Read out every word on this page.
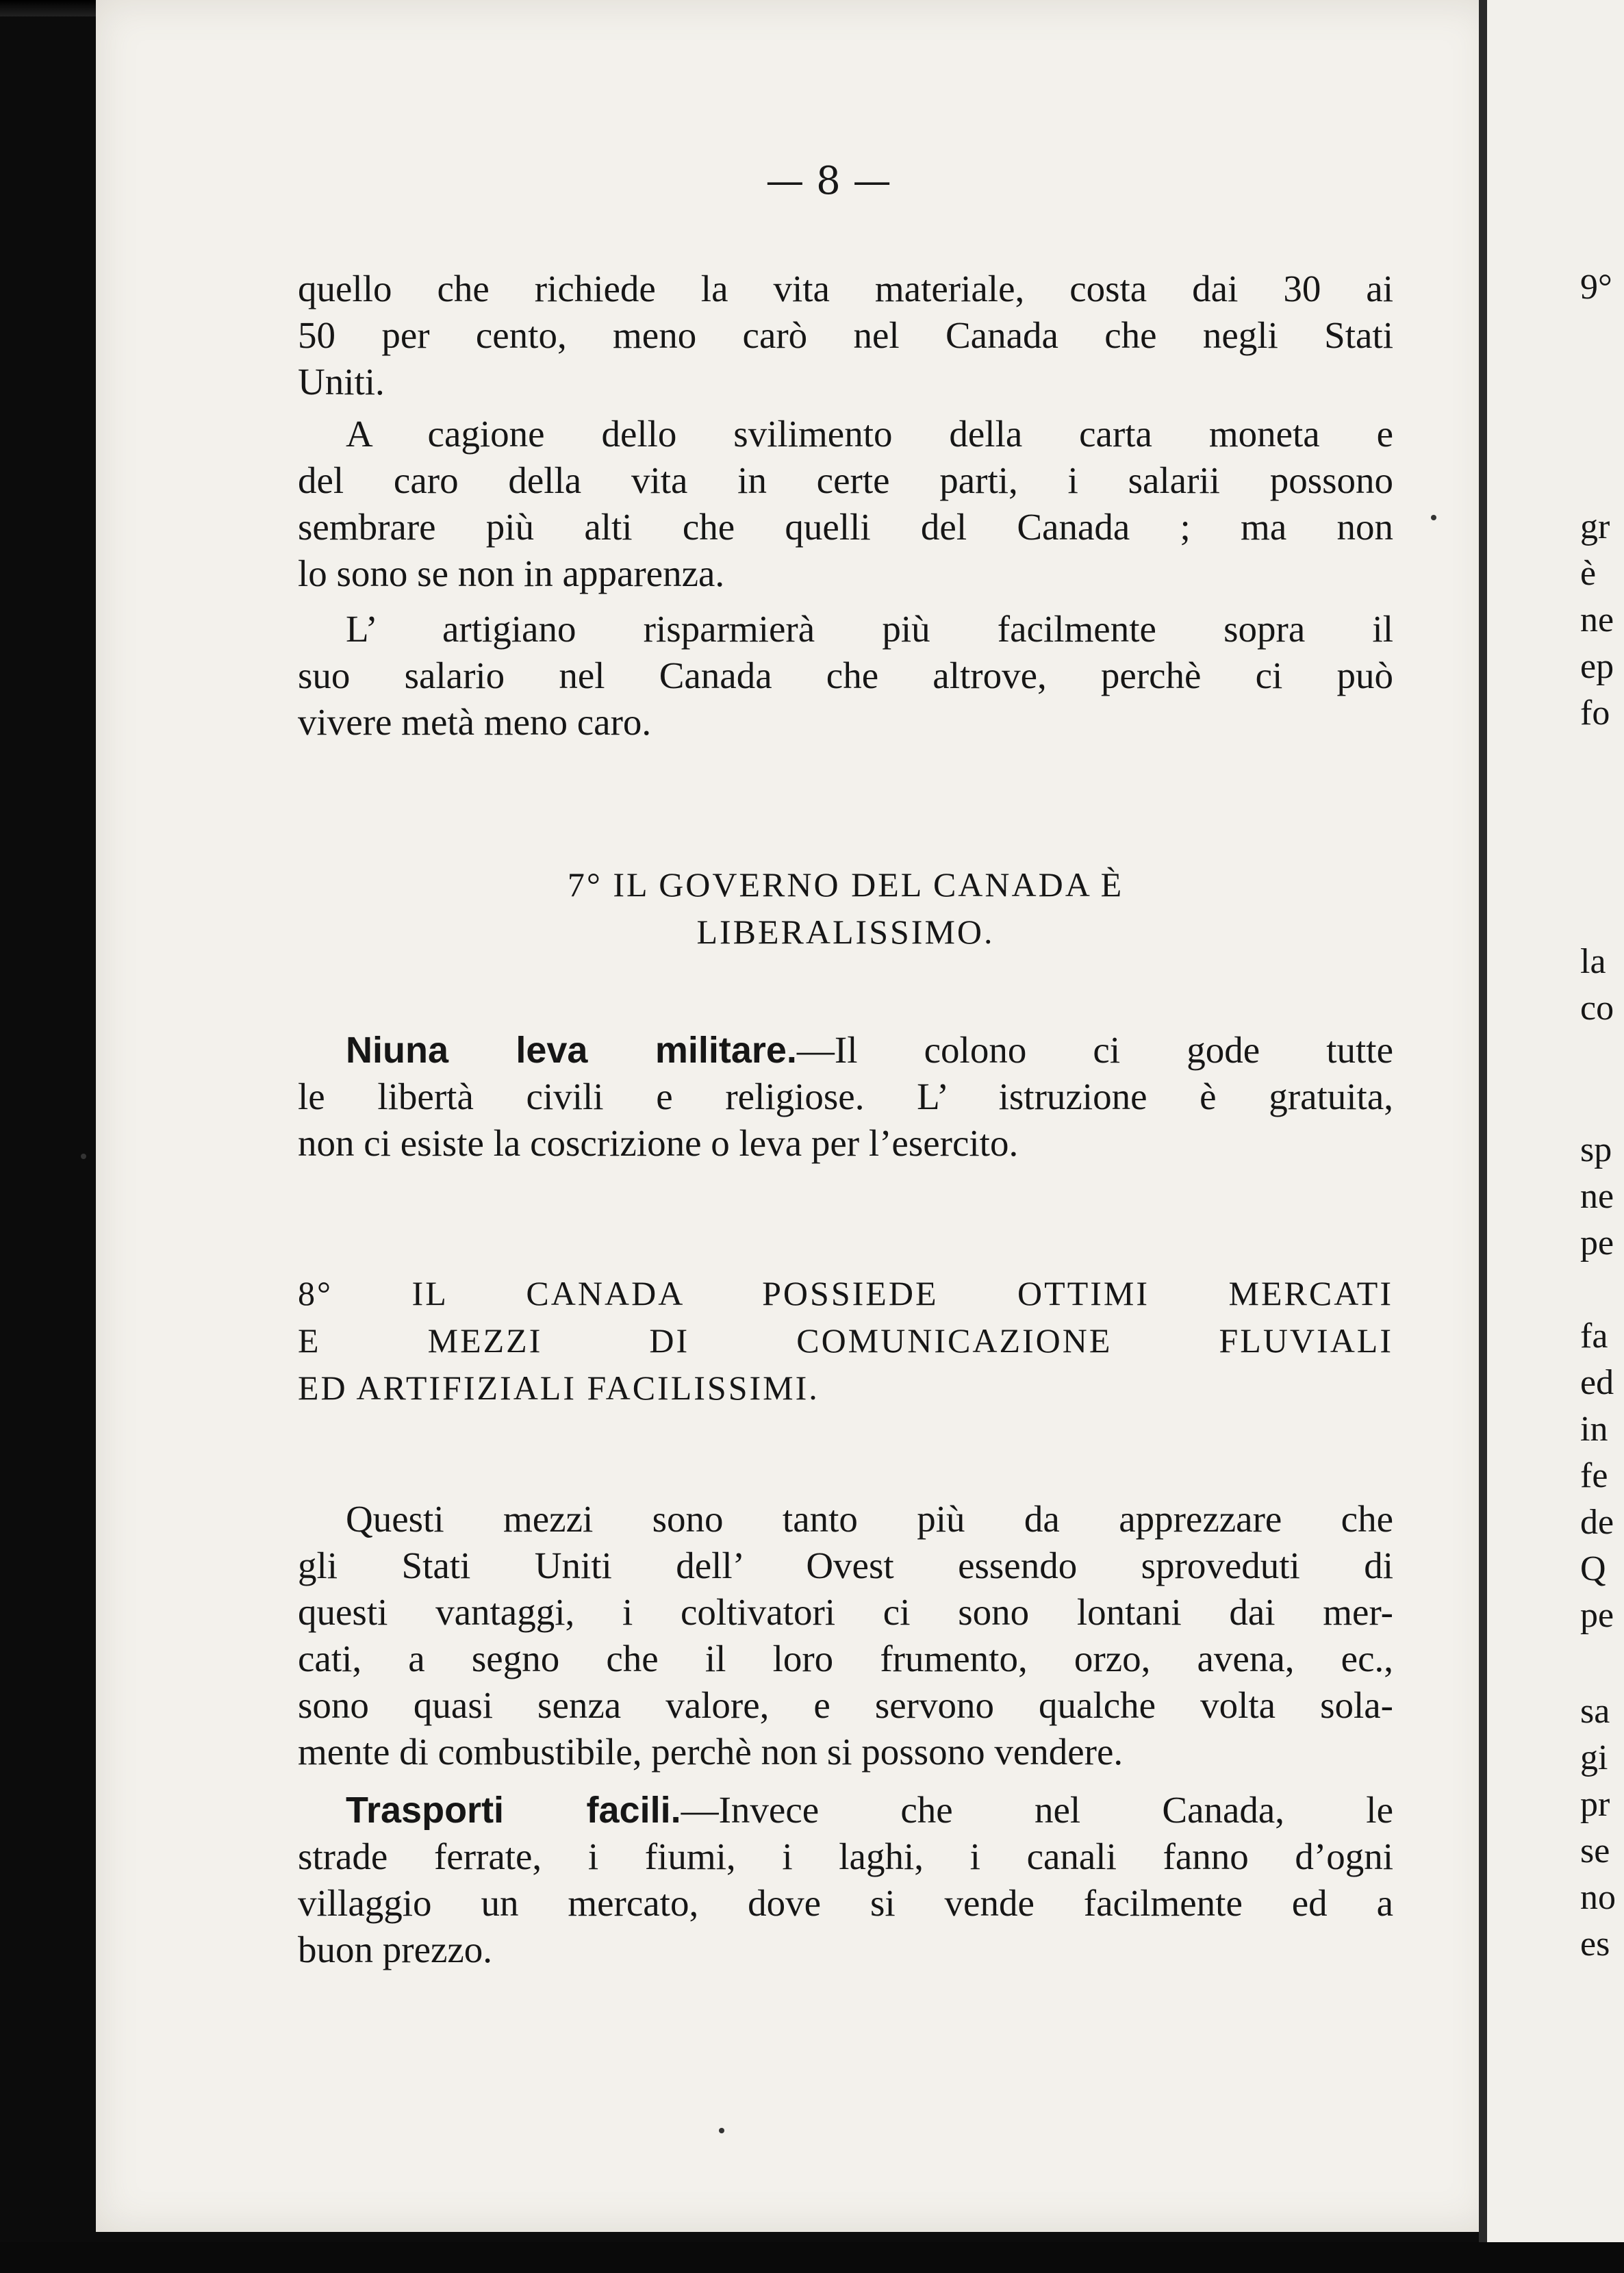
— 8 —
quello che richiede la vita materiale, costa dai 30 ai
50 per cento, meno carò nel Canada che negli Stati
Uniti.
A cagione dello svilimento della carta moneta e
del caro della vita in certe parti, i salarii possono
sembrare più alti che quelli del Canada ; ma non
lo sono se non in apparenza.
L’ artigiano risparmierà più facilmente sopra il
suo salario nel Canada che altrove, perchè ci può
vivere metà meno caro.
7° IL GOVERNO DEL CANADA È
LIBERALISSIMO.
Niuna leva militare.—Il colono ci gode tutte
le libertà civili e religiose. L’ istruzione è gratuita,
non ci esiste la coscrizione o leva per l’esercito.
8° IL CANADA POSSIEDE OTTIMI MERCATI
E MEZZI DI COMUNICAZIONE FLUVIALI
ED ARTIFIZIALI FACILISSIMI.
Questi mezzi sono tanto più da apprezzare che
gli Stati Uniti dell’ Ovest essendo sproveduti di
questi vantaggi, i coltivatori ci sono lontani dai mer-
cati, a segno che il loro frumento, orzo, avena, ec.,
sono quasi senza valore, e servono qualche volta sola-
mente di combustibile, perchè non si possono vendere.
Trasporti facili.—Invece che nel Canada, le
strade ferrate, i fiumi, i laghi, i canali fanno d’ogni
villaggio un mercato, dove si vende facilmente ed a
buon prezzo.
9°
gr
è
ne
ep
fo
la
co
sp
ne
pe
fa
ed
in
fe
de
Q
pe
sa
gi
pr
se
no
es
